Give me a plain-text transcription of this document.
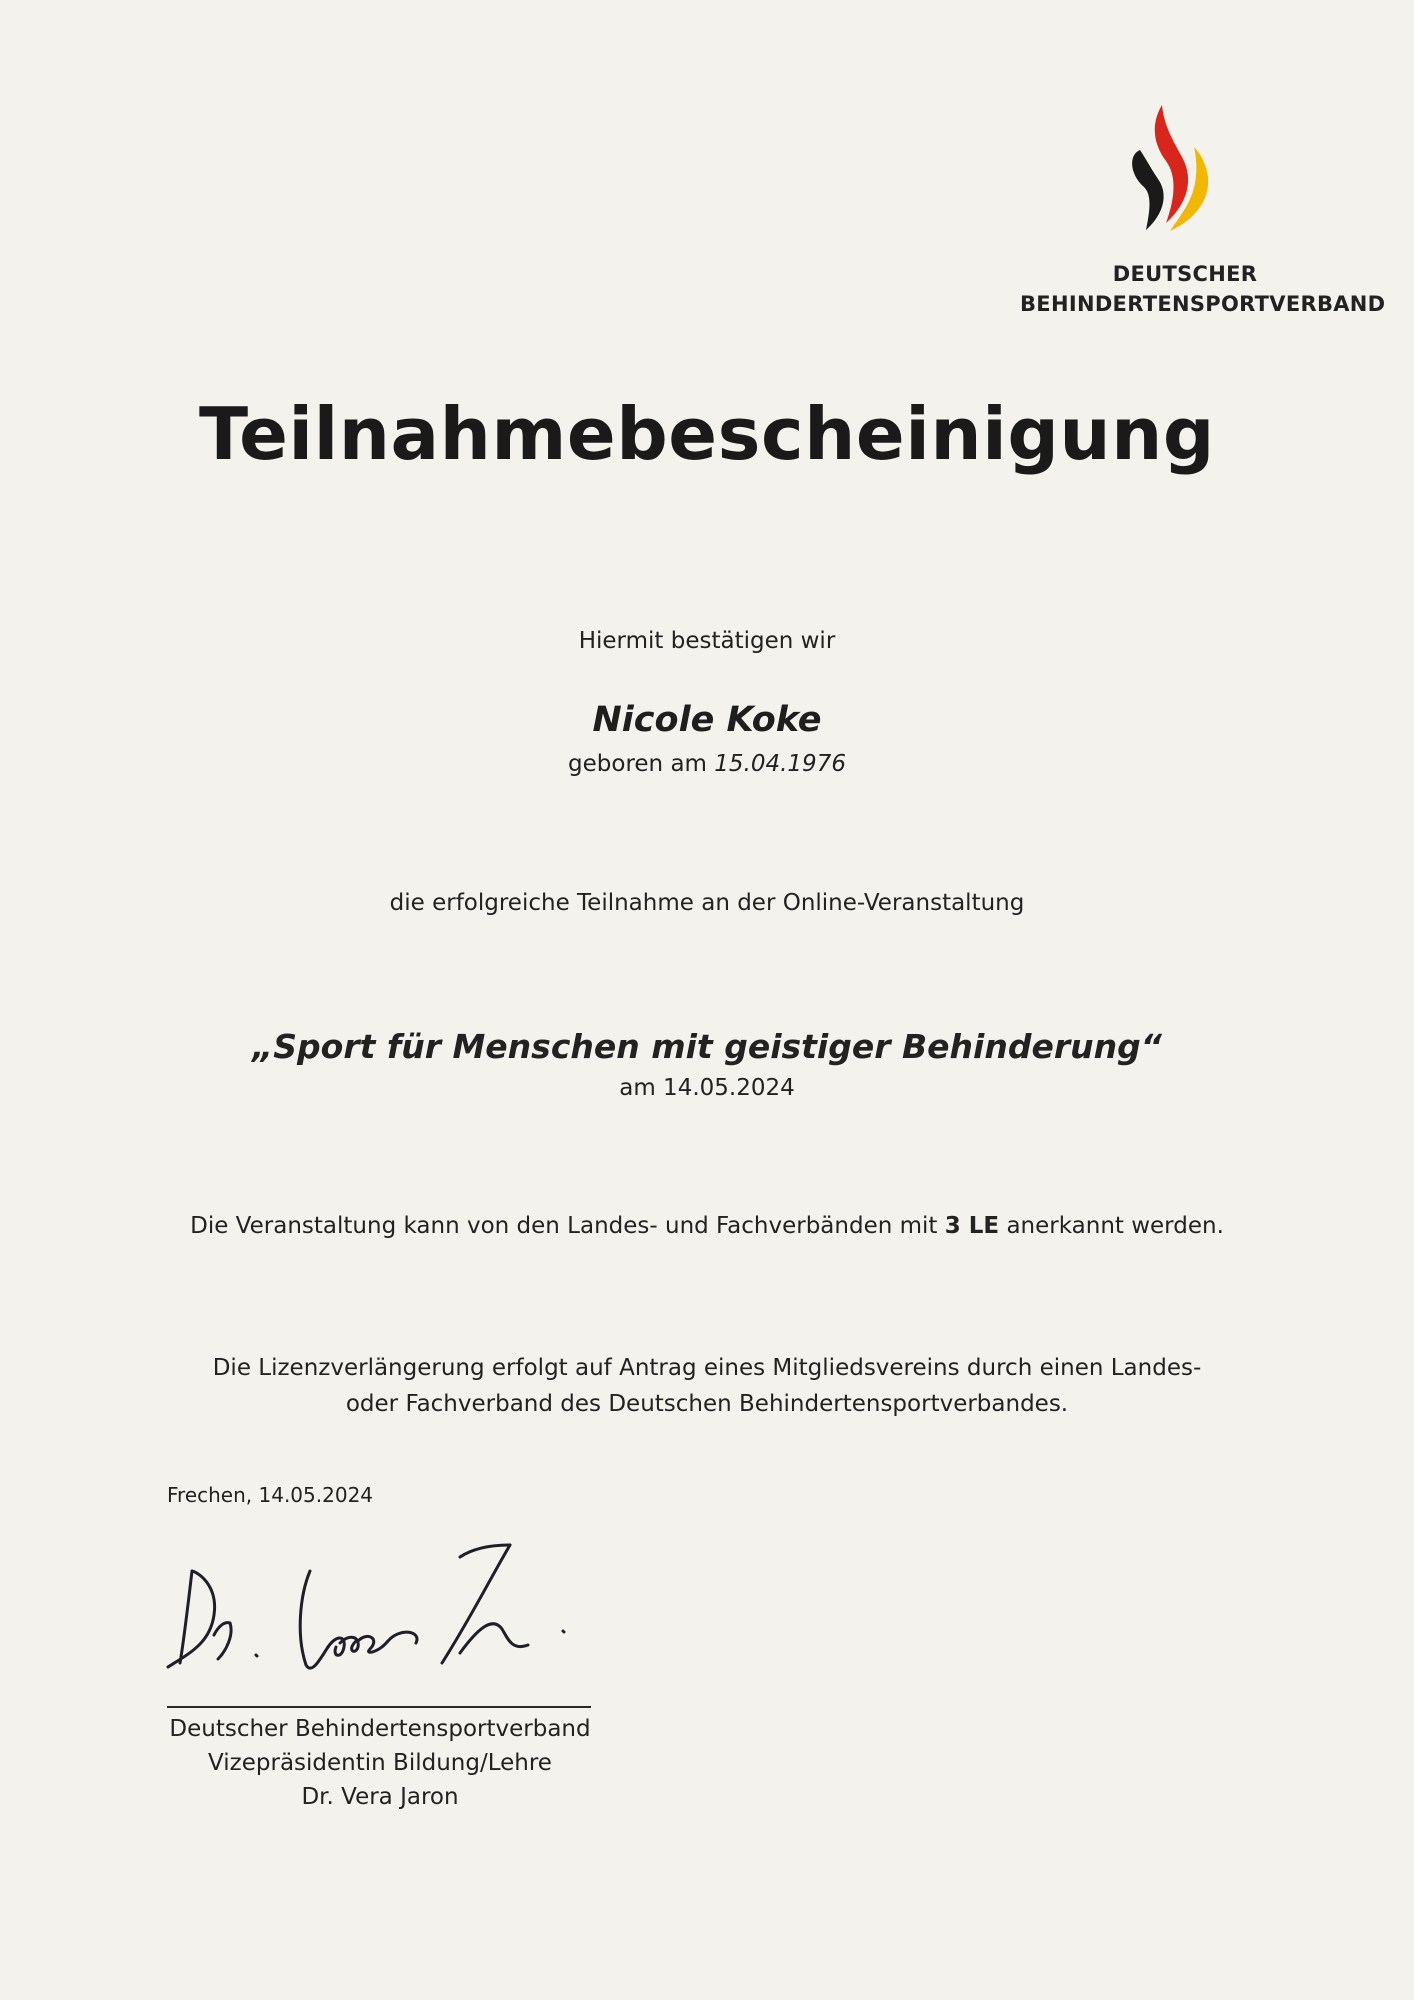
DEUTSCHER
BEHINDERTENSPORTVERBAND
Teilnahmebescheinigung
Hiermit bestätigen wir
Nicole Koke
geboren am 15.04.1976
die erfolgreiche Teilnahme an der Online-Veranstaltung
„Sport für Menschen mit geistiger Behinderung“
am 14.05.2024
Die Veranstaltung kann von den Landes- und Fachverbänden mit 3 LE anerkannt werden.
Die Lizenzverlängerung erfolgt auf Antrag eines Mitgliedsvereins durch einen Landes-
oder Fachverband des Deutschen Behindertensportverbandes.
Frechen, 14.05.2024
Deutscher Behindertensportverband
Vizepräsidentin Bildung/Lehre
Dr. Vera Jaron
